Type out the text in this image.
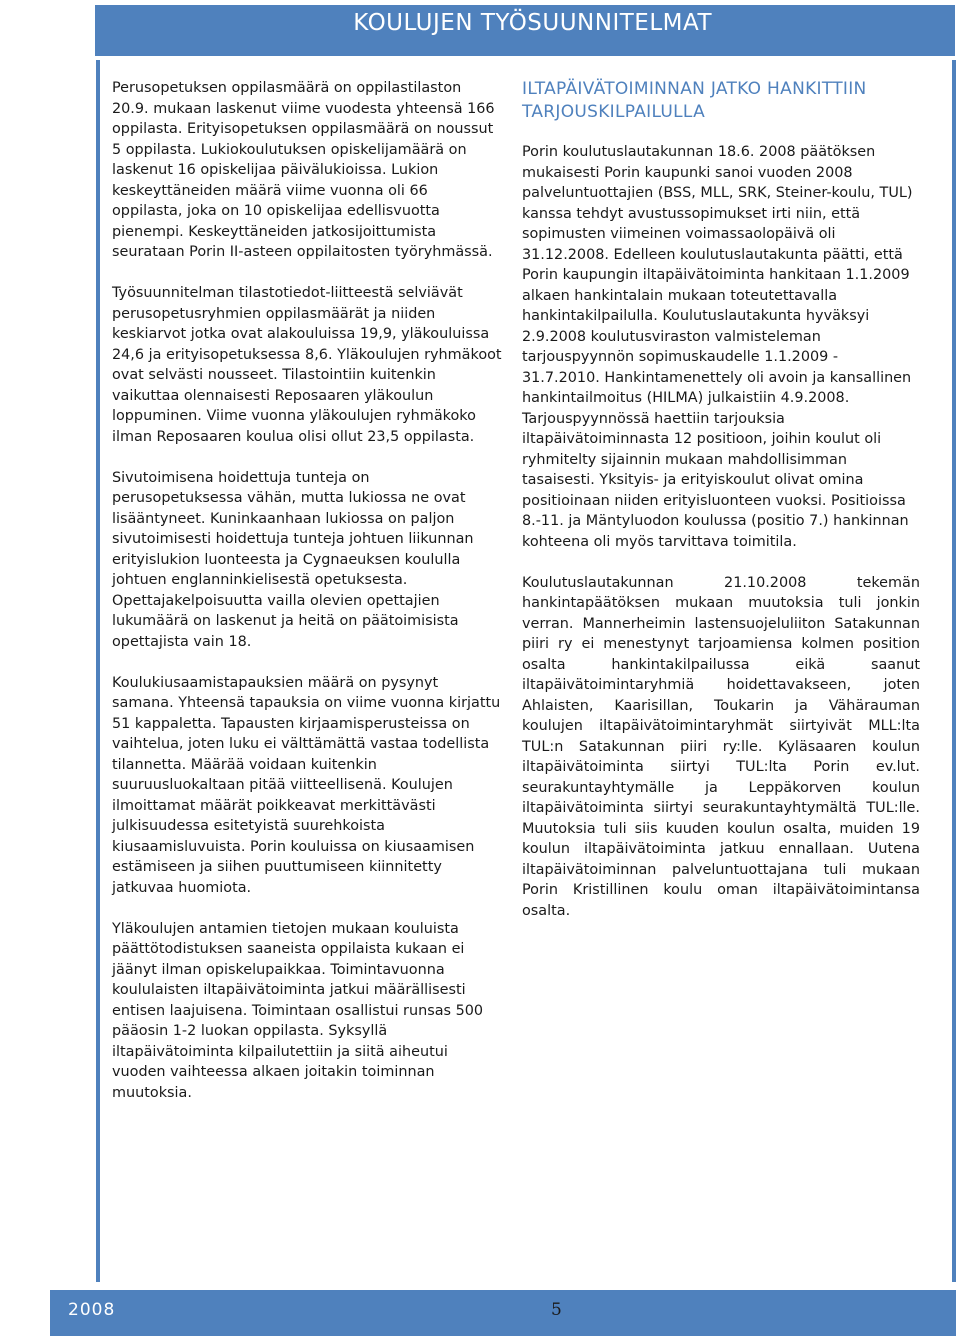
KOULUJEN TYÖSUUNNITELMAT

Perusopetuksen oppilasmäärä on oppilastilaston 20.9. mukaan laskenut viime vuodesta yhteensä 166 oppilasta. Erityisopetuksen oppilasmäärä on noussut 5 oppilasta. Lukiokoulutuksen opiskelijamäärä on laskenut 16 opiskelijaa päivälukioissa. Lukion keskeyttäneiden määrä viime vuonna oli 66 oppilasta, joka on 10 opiskelijaa edellisvuotta pienempi. Keskeyttäneiden jatkosijoittumista seurataan Porin II-asteen oppilaitosten työryhmässä.

Työsuunnitelman tilastotiedot-liitteestä selviävät perusopetusryhmien oppilasmäärät ja niiden keskiarvot jotka ovat alakouluissa 19,9, yläkouluissa 24,6 ja erityisopetuksessa 8,6. Yläkoulujen ryhmäkoot ovat selvästi nousseet. Tilastointiin kuitenkin vaikuttaa olennaisesti Reposaaren yläkoulun loppuminen. Viime vuonna yläkoulujen ryhmäkoko ilman Reposaaren koulua olisi ollut 23,5 oppilasta.

Sivutoimisena hoidettuja tunteja on perusopetuksessa vähän, mutta lukiossa ne ovat lisääntyneet. Kuninkaanhaan lukiossa on paljon sivutoimisesti hoidettuja tunteja johtuen liikunnan erityislukion luonteesta ja Cygnaeuksen koululla johtuen englanninkielisestä opetuksesta. Opettajakelpoisuutta vailla olevien opettajien lukumäärä on laskenut ja heitä on päätoimisista opettajista vain 18.

Koulukiusaamistapauksien määrä on pysynyt samana. Yhteensä tapauksia on viime vuonna kirjattu 51 kappaletta. Tapausten kirjaamisperusteissa on vaihtelua, joten luku ei välttämättä vastaa todellista tilannetta. Määrää voidaan kuitenkin suuruusluokaltaan pitää viitteellisenä. Koulujen ilmoittamat määrät poikkeavat merkittävästi julkisuudessa esitetyistä suurehkoista kiusaamisluvuista. Porin kouluissa on kiusaamisen estämiseen ja siihen puuttumiseen kiinnitetty jatkuvaa huomiota.

Yläkoulujen antamien tietojen mukaan kouluista päättötodistuksen saaneista oppilaista kukaan ei jäänyt ilman opiskelupaikkaa. Toimintavuonna koululaisten iltapäivätoiminta jatkui määrällisesti entisen laajuisena. Toimintaan osallistui runsas 500 pääosin 1-2 luokan oppilasta. Syksyllä iltapäivätoiminta kilpailutettiin ja siitä aiheutui vuoden vaihteessa alkaen joitakin toiminnan muutoksia.

ILTAPÄIVÄTOIMINNAN JATKO HANKITTIIN TARJOUSKILPAILULLA

Porin koulutuslautakunnan 18.6. 2008 päätöksen mukaisesti Porin kaupunki sanoi vuoden 2008 palveluntuottajien (BSS, MLL, SRK, Steiner-koulu, TUL) kanssa tehdyt avustussopimukset irti niin, että sopimusten viimeinen voimassaolopäivä oli 31.12.2008. Edelleen koulutuslautakunta päätti, että Porin kaupungin iltapäivätoiminta hankitaan 1.1.2009 alkaen hankintalain mukaan toteutettavalla hankintakilpailulla. Koulutuslautakunta hyväksyi 2.9.2008 koulutusviraston valmisteleman tarjouspyynnön sopimuskaudelle 1.1.2009 - 31.7.2010. Hankintamenettely oli avoin ja kansallinen hankintailmoitus (HILMA) julkaistiin 4.9.2008. Tarjouspyynnössä haettiin tarjouksia iltapäivätoiminnasta 12 positioon, joihin koulut oli ryhmitelty sijainnin mukaan mahdollisimman tasaisesti. Yksityis- ja erityiskoulut olivat omina positioinaan niiden erityisluonteen vuoksi. Positioissa 8.-11. ja Mäntyluodon koulussa (positio 7.) hankinnan kohteena oli myös tarvittava toimitila.

Koulutuslautakunnan 21.10.2008 tekemän hankintapäätöksen mukaan muutoksia tuli jonkin verran. Mannerheimin lastensuojeluliiton Satakunnan piiri ry ei menestynyt tarjoamiensa kolmen position osalta hankintakilpailussa eikä saanut iltapäivätoimintaryhmiä hoidettavakseen, joten Ahlaisten, Kaarisillan, Toukarin ja Vähärauman koulujen iltapäivätoimintaryhmät siirtyivät MLL:lta TUL:n Satakunnan piiri ry:lle. Kyläsaaren koulun iltapäivätoiminta siirtyi TUL:lta Porin ev.lut. seurakuntayhtymälle ja Leppäkorven koulun iltapäivätoiminta siirtyi seurakuntayhtymältä TUL:lle. Muutoksia tuli siis kuuden koulun osalta, muiden 19 koulun iltapäivätoiminta jatkuu ennallaan. Uutena iltapäivätoiminnan palveluntuottajana tuli mukaan Porin Kristillinen koulu oman iltapäivätoimintansa osalta.

2008	5
